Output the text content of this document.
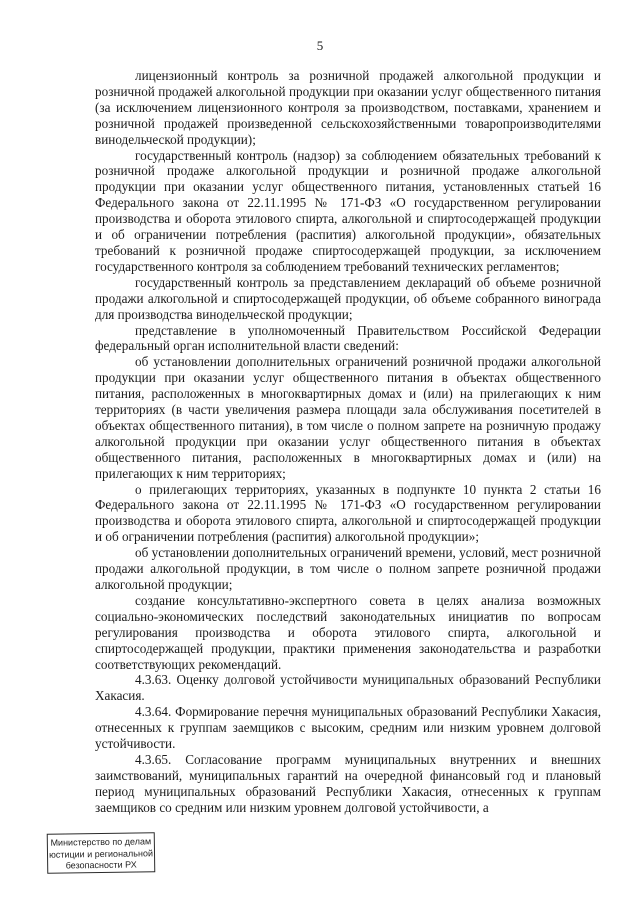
5

лицензионный контроль за розничной продажей алкогольной продукции и розничной продажей алкогольной продукции при оказании услуг общественного питания (за исключением лицензионного контроля за производством, поставками, хранением и розничной продажей произведенной сельскохозяйственными товаропроизводителями винодельческой продукции);

государственный контроль (надзор) за соблюдением обязательных требований к розничной продаже алкогольной продукции и розничной продаже алкогольной продукции при оказании услуг общественного питания, установленных статьей 16 Федерального закона от 22.11.1995 № 171-ФЗ «О государственном регулировании производства и оборота этилового спирта, алкогольной и спиртосодержащей продукции и об ограничении потребления (распития) алкогольной продукции», обязательных требований к розничной продаже спиртосодержащей продукции, за исключением государственного контроля за соблюдением требований технических регламентов;

государственный контроль за представлением деклараций об объеме розничной продажи алкогольной и спиртосодержащей продукции, об объеме собранного винограда для производства винодельческой продукции;

представление в уполномоченный Правительством Российской Федерации федеральный орган исполнительной власти сведений:

об установлении дополнительных ограничений розничной продажи алкогольной продукции при оказании услуг общественного питания в объектах общественного питания, расположенных в многоквартирных домах и (или) на прилегающих к ним территориях (в части увеличения размера площади зала обслуживания посетителей в объектах общественного питания), в том числе о полном запрете на розничную продажу алкогольной продукции при оказании услуг общественного питания в объектах общественного питания, расположенных в многоквартирных домах и (или) на прилегающих к ним территориях;

о прилегающих территориях, указанных в подпункте 10 пункта 2 статьи 16 Федерального закона от 22.11.1995 № 171-ФЗ «О государственном регулировании производства и оборота этилового спирта, алкогольной и спиртосодержащей продукции и об ограничении потребления (распития) алкогольной продукции»;

об установлении дополнительных ограничений времени, условий, мест розничной продажи алкогольной продукции, в том числе о полном запрете розничной продажи алкогольной продукции;

создание консультативно-экспертного совета в целях анализа возможных социально-экономических последствий законодательных инициатив по вопросам регулирования производства и оборота этилового спирта, алкогольной и спиртосодержащей продукции, практики применения законодательства и разработки соответствующих рекомендаций.

4.3.63. Оценку долговой устойчивости муниципальных образований Республики Хакасия.

4.3.64. Формирование перечня муниципальных образований Республики Хакасия, отнесенных к группам заемщиков с высоким, средним или низким уровнем долговой устойчивости.

4.3.65. Согласование программ муниципальных внутренних и внешних заимствований, муниципальных гарантий на очередной финансовый год и плановый период муниципальных образований Республики Хакасия, отнесенных к группам заемщиков со средним или низким уровнем долговой устойчивости, а

Министерство по делам
юстиции и региональной
безопасности РХ
